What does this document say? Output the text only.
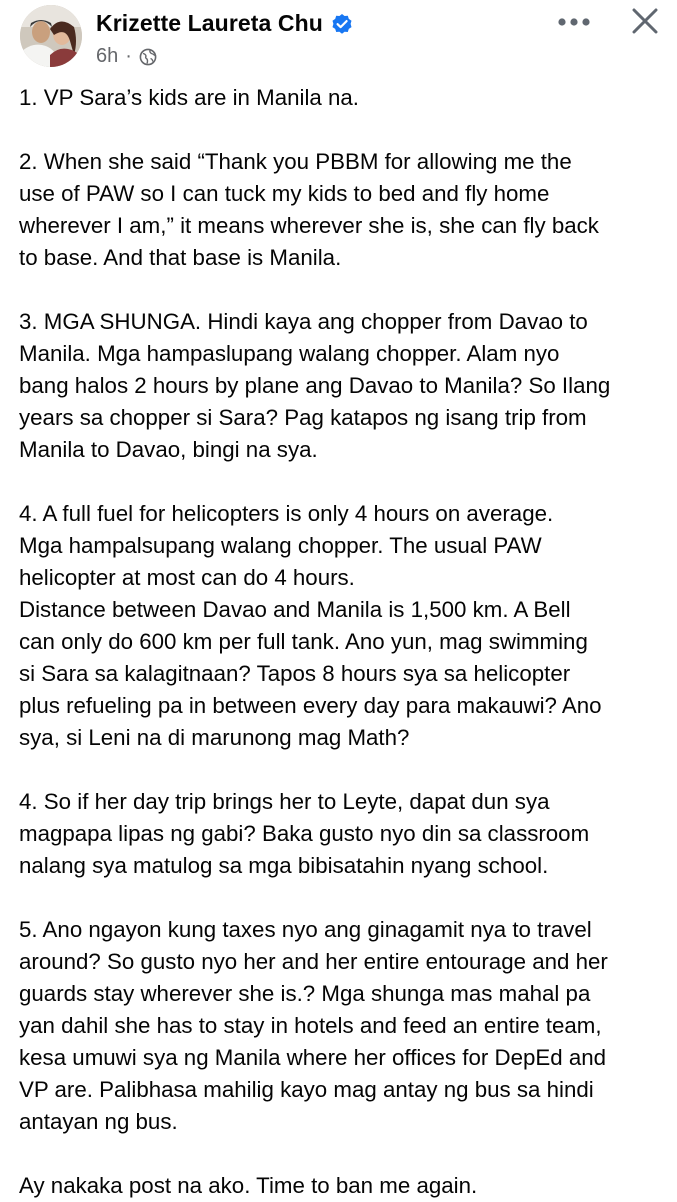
Krizette Laureta Chu
6h ·

1. VP Sara’s kids are in Manila na.

2. When she said “Thank you PBBM for allowing me the
use of PAW so I can tuck my kids to bed and fly home
wherever I am,” it means wherever she is, she can fly back
to base. And that base is Manila.

3. MGA SHUNGA. Hindi kaya ang chopper from Davao to
Manila. Mga hampaslupang walang chopper. Alam nyo
bang halos 2 hours by plane ang Davao to Manila? So Ilang
years sa chopper si Sara? Pag katapos ng isang trip from
Manila to Davao, bingi na sya.

4. A full fuel for helicopters is only 4 hours on average.
Mga hampalsupang walang chopper. The usual PAW
helicopter at most can do 4 hours.
Distance between Davao and Manila is 1,500 km. A Bell
can only do 600 km per full tank. Ano yun, mag swimming
si Sara sa kalagitnaan? Tapos 8 hours sya sa helicopter
plus refueling pa in between every day para makauwi? Ano
sya, si Leni na di marunong mag Math?

4. So if her day trip brings her to Leyte, dapat dun sya
magpapa lipas ng gabi? Baka gusto nyo din sa classroom
nalang sya matulog sa mga bibisatahin nyang school.

5. Ano ngayon kung taxes nyo ang ginagamit nya to travel
around? So gusto nyo her and her entire entourage and her
guards stay wherever she is.? Mga shunga mas mahal pa
yan dahil she has to stay in hotels and feed an entire team,
kesa umuwi sya ng Manila where her offices for DepEd and
VP are. Palibhasa mahilig kayo mag antay ng bus sa hindi
antayan ng bus.

Ay nakaka post na ako. Time to ban me again.
